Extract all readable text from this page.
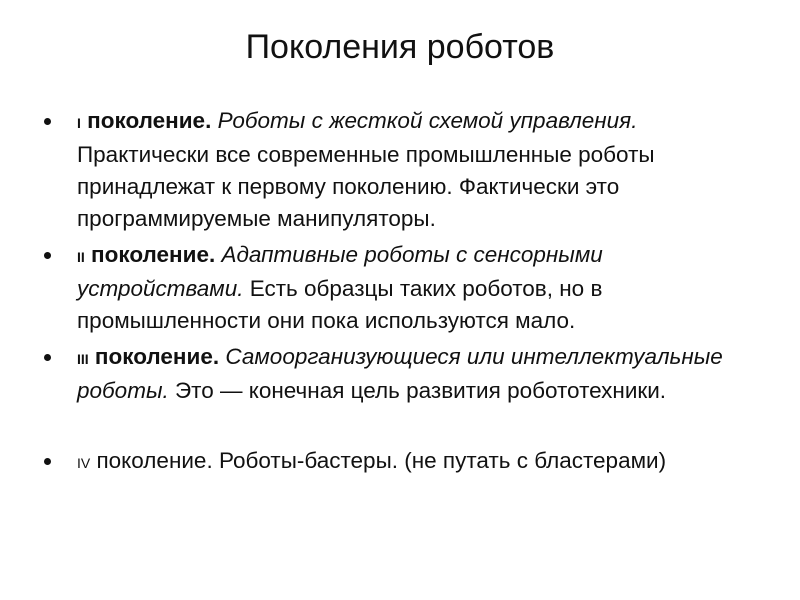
Поколения роботов
I поколение. Роботы с жесткой схемой управления. Практически все современные промышленные роботы принадлежат к первому поколению. Фактически это программируемые манипуляторы.
II поколение. Адаптивные роботы с сенсорными устройствами. Есть образцы таких роботов, но в промышленности они пока используются мало.
III поколение. Самоорганизующиеся или интеллектуальные роботы. Это — конечная цель развития робототехники.
IV поколение. Роботы-бастеры. (не путать с бластерами)
